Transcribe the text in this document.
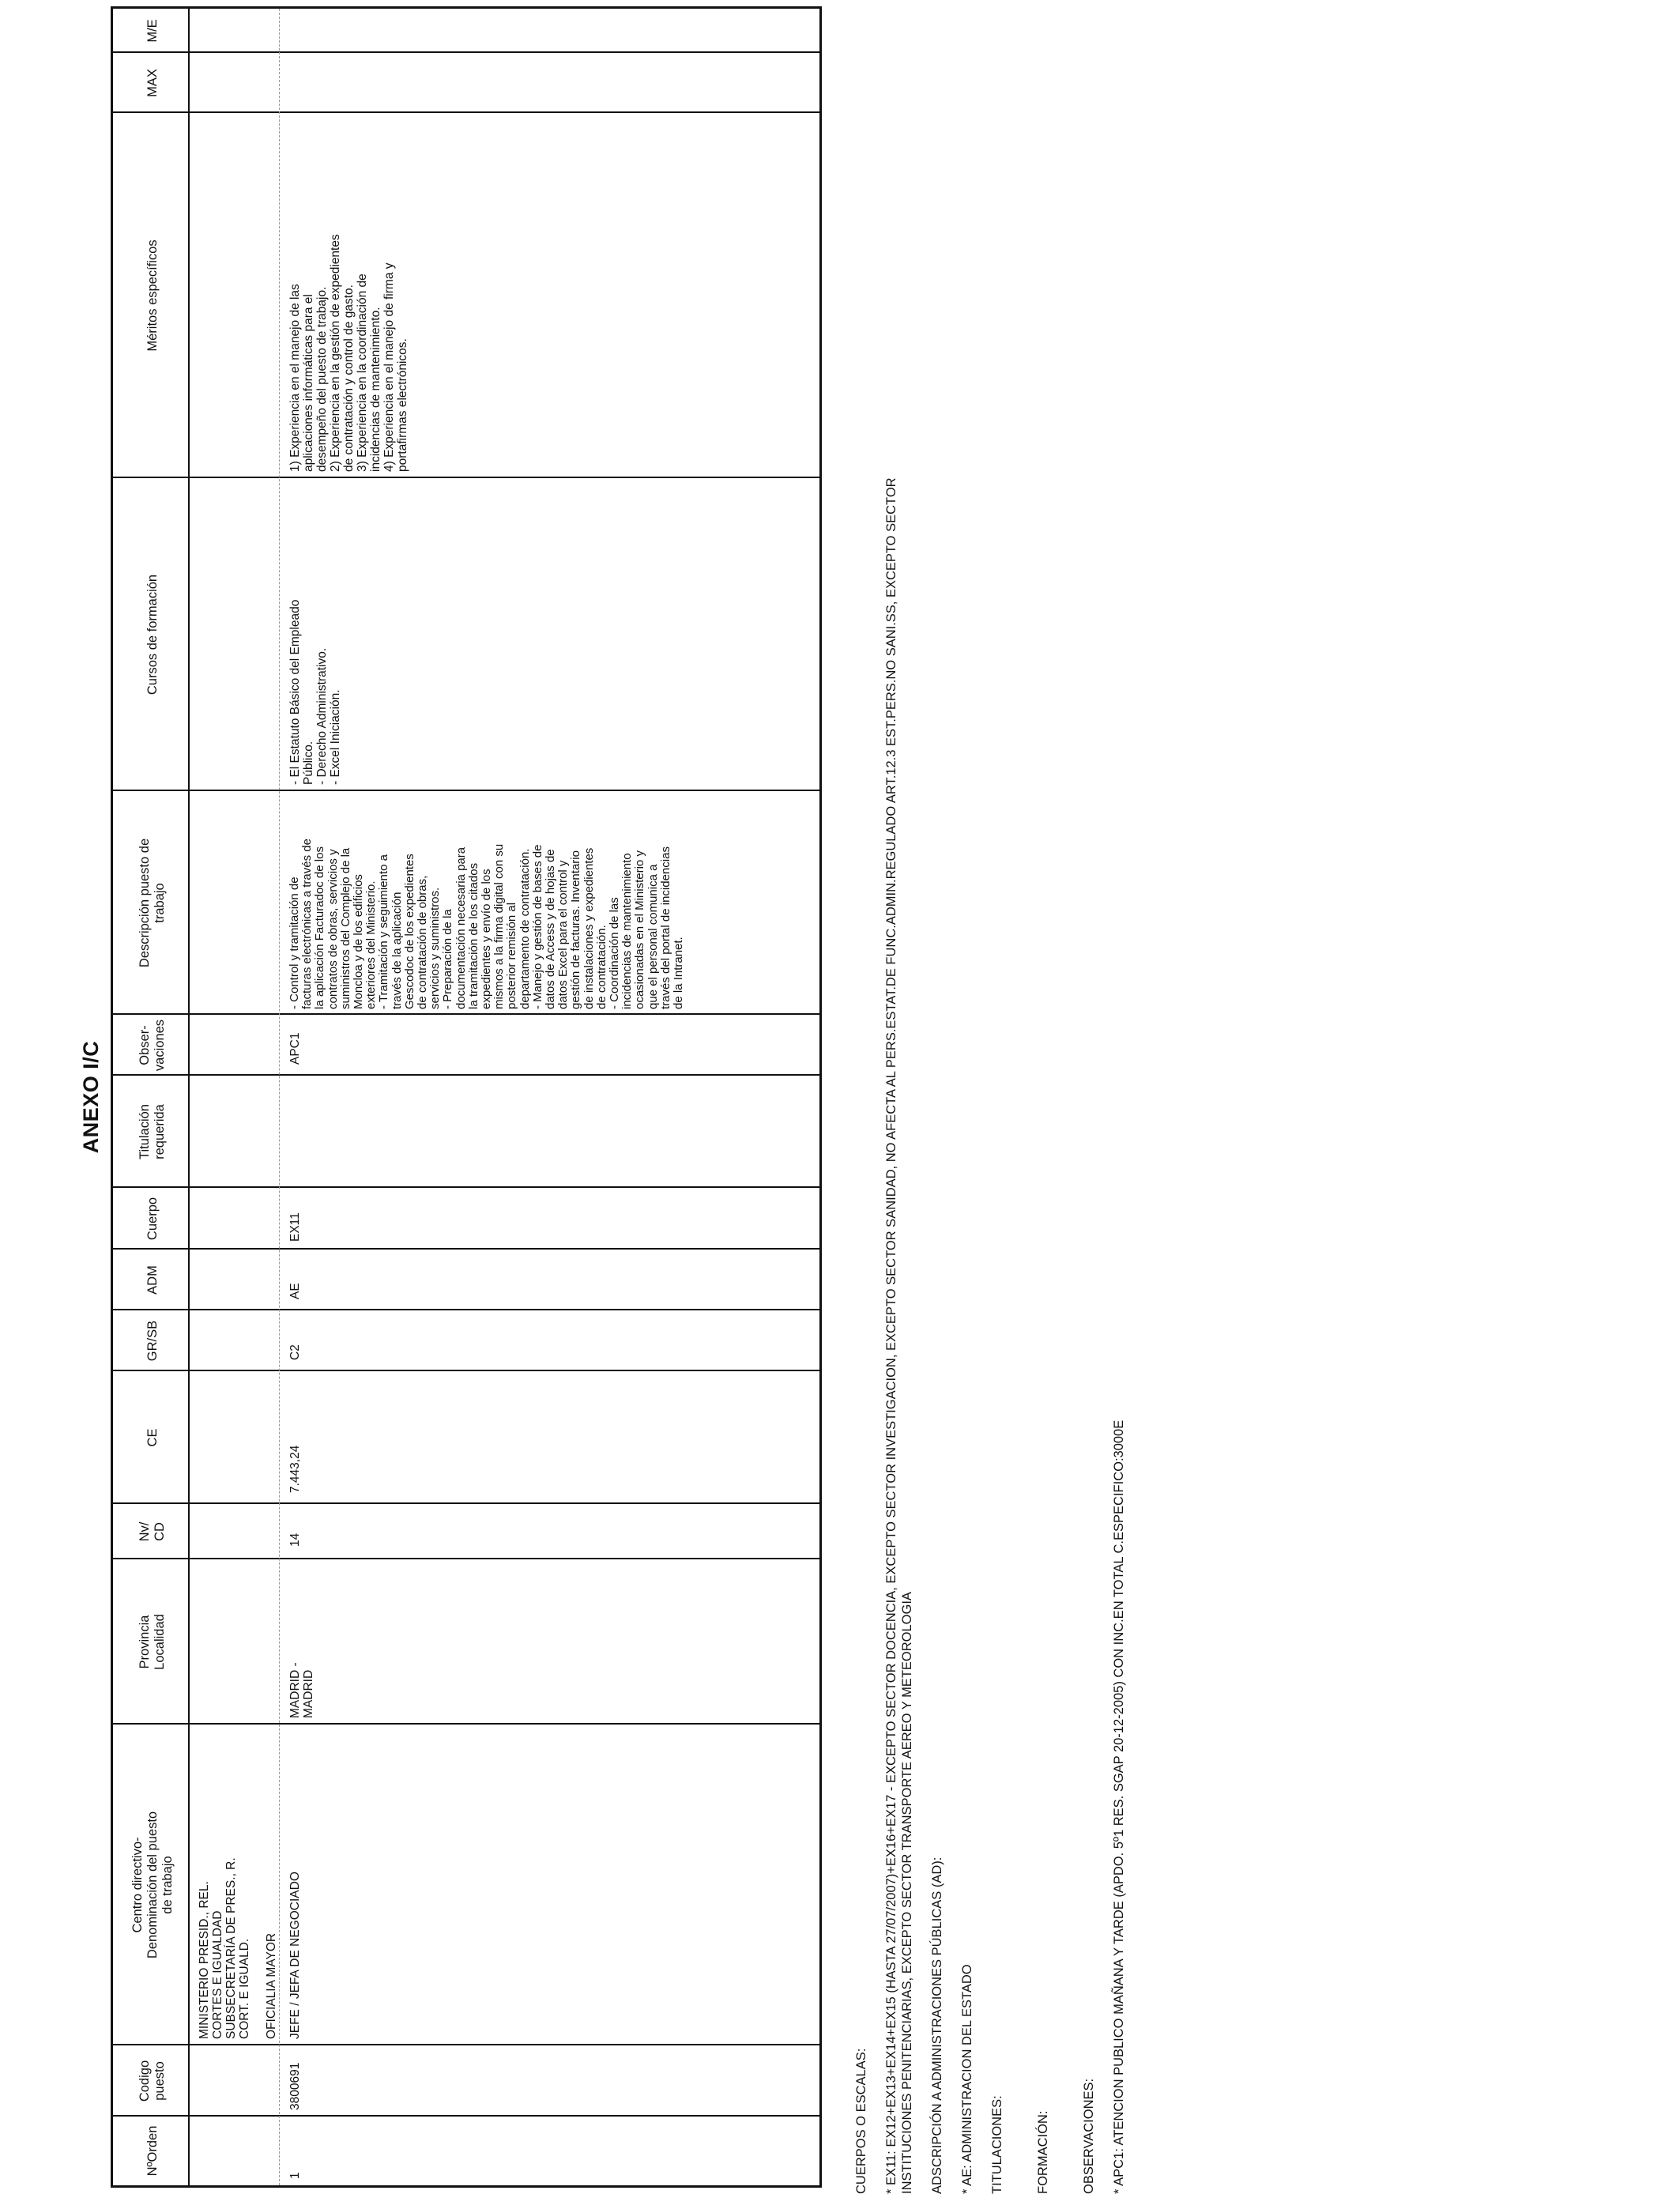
ANEXO I/C
Nº
Orden
Codigo puesto
Centro directivo- Denominación del puesto de trabajo
Provincia Localidad
Nv/ CD
CE
GR/SB
ADM
Cuerpo
Titulación requerida
Obser- vaciones
Descripción puesto de trabajo
Cursos de formación
Méritos específicos
MAX
M/E
MINISTERIO PRESID., REL. CORTES E IGUALDAD SUBSECRETARÍA DE PRES., R. CORT. E IGUALD. OFICIALIA MAYOR
1
3800691
JEFE / JEFA DE NEGOCIADO
MADRID - MADRID
14
7.443,24
C2
AE
EX11
APC1
- Control y tramitación de facturas electrónicas a través de la aplicación Facturadoc de los contratos de obras, servicios y suministros del Complejo de la Moncloa y de los edificios exteriores del Ministerio. - Tramitación y seguimiento a través de la aplicación Gescodoc de los expedientes de contratación de obras, servicios y suministros. - Preparación de la documentación necesaria para la tramitación de los citados expedientes y envío de los mismos a la firma digital con su posterior remisión al departamento de contratación. - Manejo y gestión de bases de datos de Access y de hojas de datos Excel para el control y gestión de facturas. Inventario de instalaciones y expedientes de contratación. - Coordinación de las incidencias de mantenimiento ocasionadas en el Ministerio y que el personal comunica a través del portal de incidencias de la Intranet.
- El Estatuto Básico del Empleado Público. - Derecho Administrativo. - Excel Iniciación.
1) Experiencia en el manejo de las aplicaciones informáticas para el desempeño del puesto de trabajo. 2) Experiencia en la gestión de expedientes de contratación y control de gasto. 3) Experiencia en la coordinación de incidencias de mantenimiento. 4) Experiencia en el manejo de firma y portafirmas electrónicos.
CUERPOS O ESCALAS: * EX11: EX12+EX13+EX14+EX15 (HASTA 27/07/2007)+EX16+EX17 - EXCEPTO SECTOR DOCENCIA, EXCEPTO SECTOR INVESTIGACION, EXCEPTO SECTOR SANIDAD, NO AFECTA AL PERS.ESTAT.DE FUNC.ADMIN.REGULADO ART.12.3 EST.PERS.NO SANI.SS, EXCEPTO SECTOR INSTITUCIONES PENITENCIARIAS, EXCEPTO SECTOR TRANSPORTE AEREO Y METEOROLOGIA ADSCRIPCIÓN A ADMINISTRACIONES PÚBLICAS (AD): * AE: ADMINISTRACION DEL ESTADO TITULACIONES: FORMACIÓN: OBSERVACIONES: * APC1: ATENCION PUBLICO MAÑANA Y TARDE (APDO. 5º1 RES. SGAP 20-12-2005) CON INC.EN TOTAL C.ESPECIFICO:3000E
